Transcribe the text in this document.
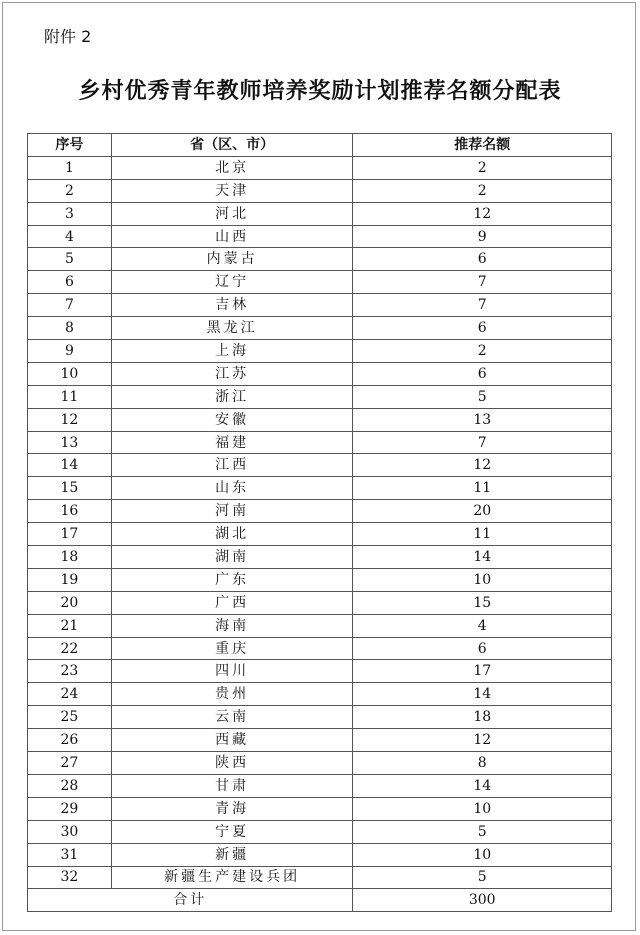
附件 2
乡村优秀青年教师培养奖励计划推荐名额分配表
序号	省（区、市）	推荐名额
1	北京	2
2	天津	2
3	河北	12
4	山西	9
5	内蒙古	6
6	辽宁	7
7	吉林	7
8	黑龙江	6
9	上海	2
10	江苏	6
11	浙江	5
12	安徽	13
13	福建	7
14	江西	12
15	山东	11
16	河南	20
17	湖北	11
18	湖南	14
19	广东	10
20	广西	15
21	海南	4
22	重庆	6
23	四川	17
24	贵州	14
25	云南	18
26	西藏	12
27	陕西	8
28	甘肃	14
29	青海	10
30	宁夏	5
31	新疆	10
32	新疆生产建设兵团	5
合计		300
